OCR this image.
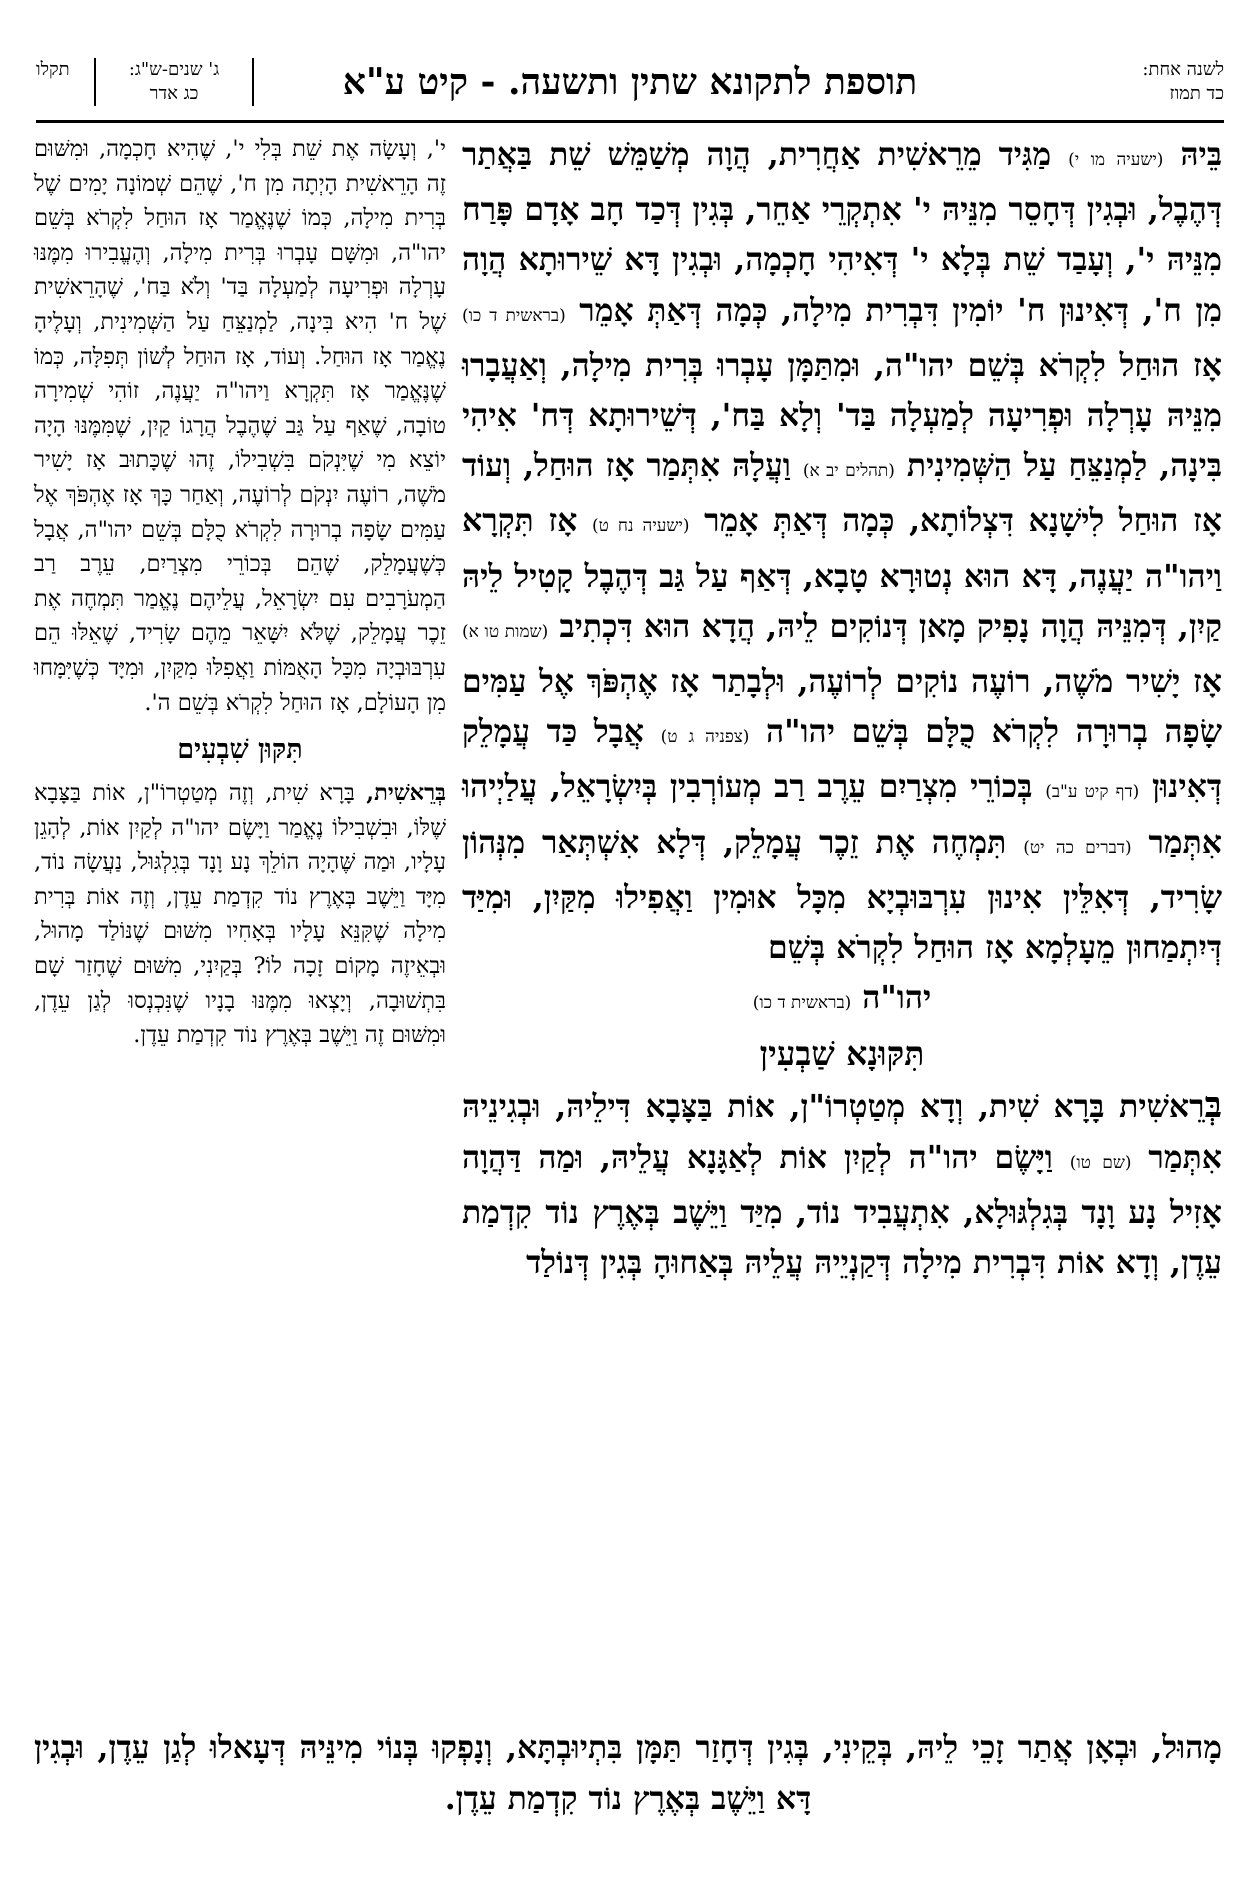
לשנה אחת:
כד תמוז
תוספת לתקונא שתין ותשעה. - קיט ע"א
ג' שנים-ש"ג:
כג אדר
תקלו
בֵּיהּ (ישעיה מו י) מַגִּיד מֵרֵאשִׁית אַחֲרִית, הֲוָה מְשַׁמֵּשׁ שֵׁת בַּאֲתַר דְּהֶבֶל, וּבְגִין דְּחָסֵר מִנֵּיהּ י' אִתְקְרֵי אַחֵר, בְּגִין דְּכַד חָב אָדָם פָּרַח מִנֵּיהּ י', וְעָבַד שֵׁת בְּלָא י' דְּאִיהִי חָכְמָה, וּבְגִין דָּא שֵׁירוּתָא הֲוָה מִן ח', דְּאִינוּן ח' יוֹמִין דִּבְרִית מִילָה, כְּמָה דְּאַתְּ אָמֵר (בראשית ד כו) אָז הוּחַל לִקְרֹא בְּשֵׁם יהו"ה, וּמִתַּמָּן עָבְרוּ בְּרִית מִילָה, וְאַעֲבָרוּ מִנֵּיהּ עָרְלָה וּפְרִיעָה לְמַעְלָה בַּד' וְלָא בַּח', דְּשֵׁירוּתָא דְּח' אִיהִי בִּינָה, לַמְנַצֵּחַ עַל הַשְּׁמִינִית (תהלים יב א) וַעֲלָהּ אִתְּמַר אָז הוּחַל, וְעוֹד אָז הוּחַל לִישָׁנָא דִּצְלוֹתָא, כְּמָה דְּאַתְּ אָמֵר (ישעיה נח ט) אָז תִּקְרָא וַיהו"ה יַעֲנֶה, דָּא הוּא נְטוּרָא טָבָא, דְּאַף עַל גַּב דְּהֶבֶל קָטִיל לֵיהּ קַיִן, דְּמִנֵּיהּ הֲוָה נָפִיק מָאן דְּנוֹקִים לֵיהּ, הֲדָא הוּא דִּכְתִיב (שמות טו א) אָז יָשִׁיר מֹשֶׁה, רוֹעֶה נוֹקִים לְרוֹעֶה, וּלְבָתַר אָז אֶהְפֹּךְ אֶל עַמִּים שָׂפָה בְרוּרָה לִקְרֹא כֻלָּם בְּשֵׁם יהו"ה (צפניה ג ט) אֲבָל כַּד עֲמָלֵק דְּאִינוּן (דף קיט ע"ב) בְּכוֹרֵי מִצְרַיִם עֵרֶב רַב מְעוֹרְבִין בְּיִשְׂרָאֵל, עֲלַיְיהוּ אִתְּמַר (דברים כה יט) תִּמְחֶה אֶת זֵכֶר עֲמָלֵק, דְּלָא אִשְׁתְּאַר מִנְּהוֹן שָׂרִיד, דְּאִלֵּין אִינוּן עִרְבּוּבְיָא מִכָּל אוּמִין וַאֲפִילוּ מִקַּיִן, וּמִיַּד דְּיִתְמַחוּן מֵעָלְמָא אָז הוּחַל לִקְרֹא בְּשֵׁם
יהו"ה (בראשית ד כו)
תִּקּוּנָא שַׁבְעִין
בְּרֵאשִׁית בָּרָא שִׁית, וְדָא מְטַטְרוֹ"ן, אוֹת בַּצָּבָא דִּילֵיהּ, וּבְגִינֵיהּ אִתְּמַר (שם טו) וַיָּשֶׂם יהו"ה לְקַיִן אוֹת לְאַגָּנָא עֲלֵיהּ, וּמַה דַּהֲוָה אָזִיל נָע וָנָד בְּגִלְגּוּלָא, אִתְעֲבִיד נוֹד, מִיַּד וַיֵּשֶׁב בְּאֶרֶץ נוֹד קִדְמַת עֵדֶן, וְדָא אוֹת דִּבְרִית מִילָה דְּקַנְיֵיהּ עֲלֵיהּ בְּאַחוּהָ בְּגִין דְּנוֹלַד
י', וְעָשָׂה אֶת שֵׁת בְּלִי י', שֶׁהִיא חָכְמָה, וּמִשּׁוּם זֶה הָרֵאשִׁית הָיְתָה מִן ח', שֶׁהֵם שְׁמוֹנָה יָמִים שֶׁל בְּרִית מִילָה, כְּמוֹ שֶׁנֶּאֱמַר אָז הוּחַל לִקְרֹא בְּשֵׁם יהו"ה, וּמִשָּׁם עָבְרוּ בְּרִית מִילָה, וְהֶעֱבִירוּ מִמֶּנּוּ עָרְלָה וּפְרִיעָה לְמַעְלָה בַּד' וְלֹא בַּח', שֶׁהָרֵאשִׁית שֶׁל ח' הִיא בִּינָה, לַמְנַצֵּחַ עַל הַשְּׁמִינִית, וְעָלֶיהָ נֶאֱמַר אָז הוּחַל. וְעוֹד, אָז הוּחַל לְשׁוֹן תְּפִלָּה, כְּמוֹ שֶׁנֶּאֱמַר אָז תִּקְרָא וַיהו"ה יַעֲנֶה, זוֹהִי שְׁמִירָה טוֹבָה, שֶׁאַף עַל גַּב שֶׁהֶבֶל הֲרָגוֹ קַיִן, שֶׁמִּמֶּנּוּ הָיָה יוֹצֵא מִי שֶׁיִּנְקֹם בִּשְׁבִילוֹ, זֶהוּ שֶׁכָּתוּב אָז יָשִׁיר מֹשֶׁה, רוֹעֶה יִנְקֹם לְרוֹעֶה, וְאַחַר כָּךְ אָז אֶהְפֹּךְ אֶל עַמִּים שָׂפָה בְרוּרָה לִקְרֹא כֻלָּם בְּשֵׁם יהו"ה, אֲבָל כְּשֶׁעֲמָלֵק, שֶׁהֵם בְּכוֹרֵי מִצְרַיִם, עֵרֶב רַב הַמְעֹרָבִים עִם יִשְׂרָאֵל, עֲלֵיהֶם נֶאֱמַר תִּמְחֶה אֶת זֵכֶר עֲמָלֵק, שֶׁלֹּא יִשָּׁאֵר מֵהֶם שָׂרִיד, שֶׁאֵלּוּ הֵם עִרְבּוּבְיָה מִכָּל הָאֻמּוֹת וַאֲפִלּוּ מִקַּיִן, וּמִיָּד כְּשֶׁיִּמָּחוּ מִן הָעוֹלָם, אָז הוּחַל לִקְרֹא בְּשֵׁם ה'.
תִּקּוּן שִׁבְעִים
בְּרֵאשִׁית, בָּרָא שִׁית, וְזֶה מְטַטְרוֹ"ן, אוֹת בַּצָּבָא שֶׁלּוֹ, וּבִשְׁבִילוֹ נֶאֱמַר וַיָּשֶׂם יהו"ה לְקַיִן אוֹת, לְהָגֵן עָלָיו, וּמַה שֶּׁהָיָה הוֹלֵךְ נָע וָנָד בְּגִלְגּוּל, נַעֲשָׂה נוֹד, מִיָּד וַיֵּשֶׁב בְּאֶרֶץ נוֹד קִדְמַת עֵדֶן, וְזֶה אוֹת בְּרִית מִילָה שֶׁקִּנֵּא עָלָיו בְּאָחִיו מִשּׁוּם שֶׁנּוֹלַד מָהוּל, וּבְאֵיזֶה מָקוֹם זָכָה לוֹ? בְּקַיִנִי, מִשּׁוּם שֶׁחָזַר שָׁם בִּתְשׁוּבָה, וְיָצְאוּ מִמֶּנּוּ בָנָיו שֶׁנִּכְנְסוּ לְגַן עֵדֶן, וּמִשּׁוּם זֶה וַיֵּשֶׁב בְּאֶרֶץ נוֹד קִדְמַת עֵדֶן.
מָהוּל, וּבְאָן אֲתַר זָכֵי לֵיהּ, בְּקֵינִי, בְּגִין דְּחָזַר תַּמָּן בִּתְיוּבְתָּא, וְנָפְקוּ בְּנוֹי מִינֵּיהּ דְּעָאלוּ לְגַן עֵדֶן, וּבְגִין דָּא וַיֵּשֶׁב בְּאֶרֶץ נוֹד קִדְמַת עֵדֶן.
